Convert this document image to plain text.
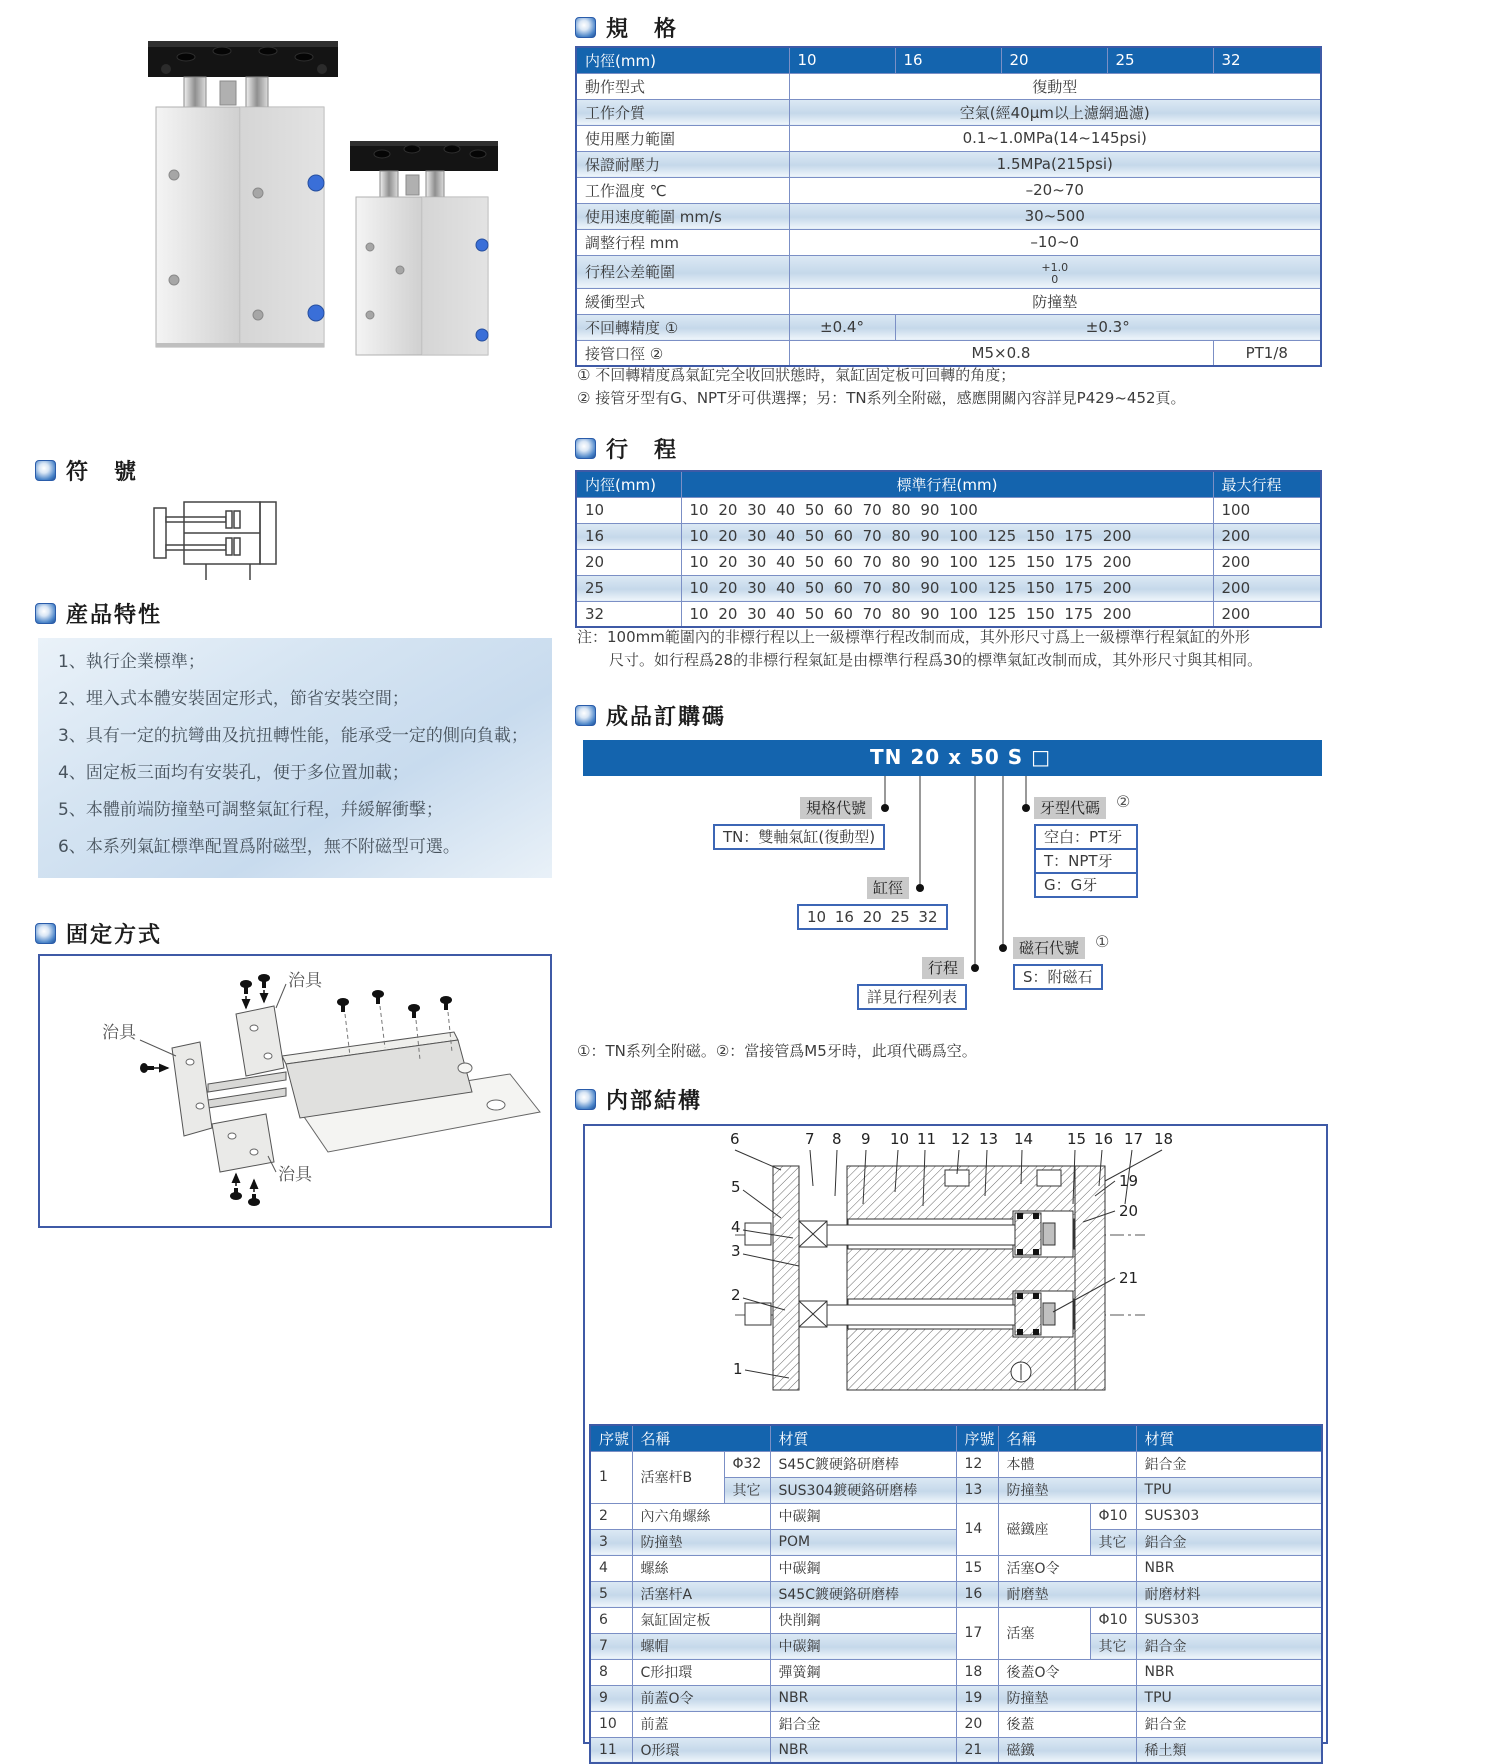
符　號
産品特性
1、執行企業標準；
2、埋入式本體安裝固定形式，節省安裝空間；
3、具有一定的抗彎曲及抗扭轉性能，能承受一定的側向負載；
4、固定板三面均有安裝孔，便于多位置加載；
5、本體前端防撞墊可調整氣缸行程，幷緩解衝擊；
6、本系列氣缸標準配置爲附磁型，無不附磁型可選。
固定方式
治具
治具
治具
規　格
内徑(mm)	10	16	20	25	32
動作型式	復動型				
工作介質	空氣(經40μm以上濾網過濾)				
使用壓力範圍	0.1~1.0MPa(14~145psi)				
保證耐壓力	1.5MPa(215psi)				
工作溫度 ℃	–20~70				
使用速度範圍 mm/s	30~500				
調整行程 mm	–10~0				
行程公差範圍	+1.0
0				

緩衝型式	防撞墊				
不回轉精度 ①	±0.4°	±0.3°			
接管口徑 ②	M5×0.8				PT1/8
① 不回轉精度爲氣缸完全收回狀態時，氣缸固定板可回轉的角度；
② 接管牙型有G、NPT牙可供選擇；另：TN系列全附磁，感應開關內容詳見P429~452頁。
行　程
内徑(mm)	標準行程(mm)	最大行程
10	10 20 30 40 50 60 70 80 90 100	100
16	10 20 30 40 50 60 70 80 90 100 125 150 175 200	200
20	10 20 30 40 50 60 70 80 90 100 125 150 175 200	200
25	10 20 30 40 50 60 70 80 90 100 125 150 175 200	200
32	10 20 30 40 50 60 70 80 90 100 125 150 175 200	200
注：100mm範圍內的非標行程以上一級標準行程改制而成，其外形尺寸爲上一級標準行程氣缸的外形
尺寸。如行程爲28的非標行程氣缸是由標準行程爲30的標準氣缸改制而成，其外形尺寸與其相同。
成品訂購碼
TN 20 x 50 S □
規格代號
TN：雙軸氣缸(復動型)
缸徑
10 16 20 25 32
行程
詳見行程列表
磁石代號 ①
S：附磁石
牙型代碼 ②
空白：PT牙
T：NPT牙
G：G牙
①：TN系列全附磁。②：當接管爲M5牙時，此項代碼爲空。
内部結構
6	7 8 9 10 11 12 13 14 15 16 17 18
5
4
3
2
1
19
20
21
序號	名稱		材質	序號	名稱		材質
1	活塞杆B	Φ32	S45C鍍硬鉻研磨棒	12	本體		鋁合金
		其它	SUS304鍍硬鉻研磨棒	13	防撞墊		TPU
2	內六角螺絲		中碳鋼	14	磁鐵座	Φ10	SUS303
3	防撞墊		POM			其它	鋁合金
4	螺絲		中碳鋼	15	活塞O令		NBR
5	活塞杆A		S45C鍍硬鉻研磨棒	16	耐磨墊		耐磨材料
6	氣缸固定板		快削鋼	17	活塞	Φ10	SUS303
7	螺帽		中碳鋼			其它	鋁合金
8	C形扣環		彈簧鋼	18	後蓋O令		NBR
9	前蓋O令		NBR	19	防撞墊		TPU
10	前蓋		鋁合金	20	後蓋		鋁合金
11	O形環		NBR	21	磁鐵		稀土類
